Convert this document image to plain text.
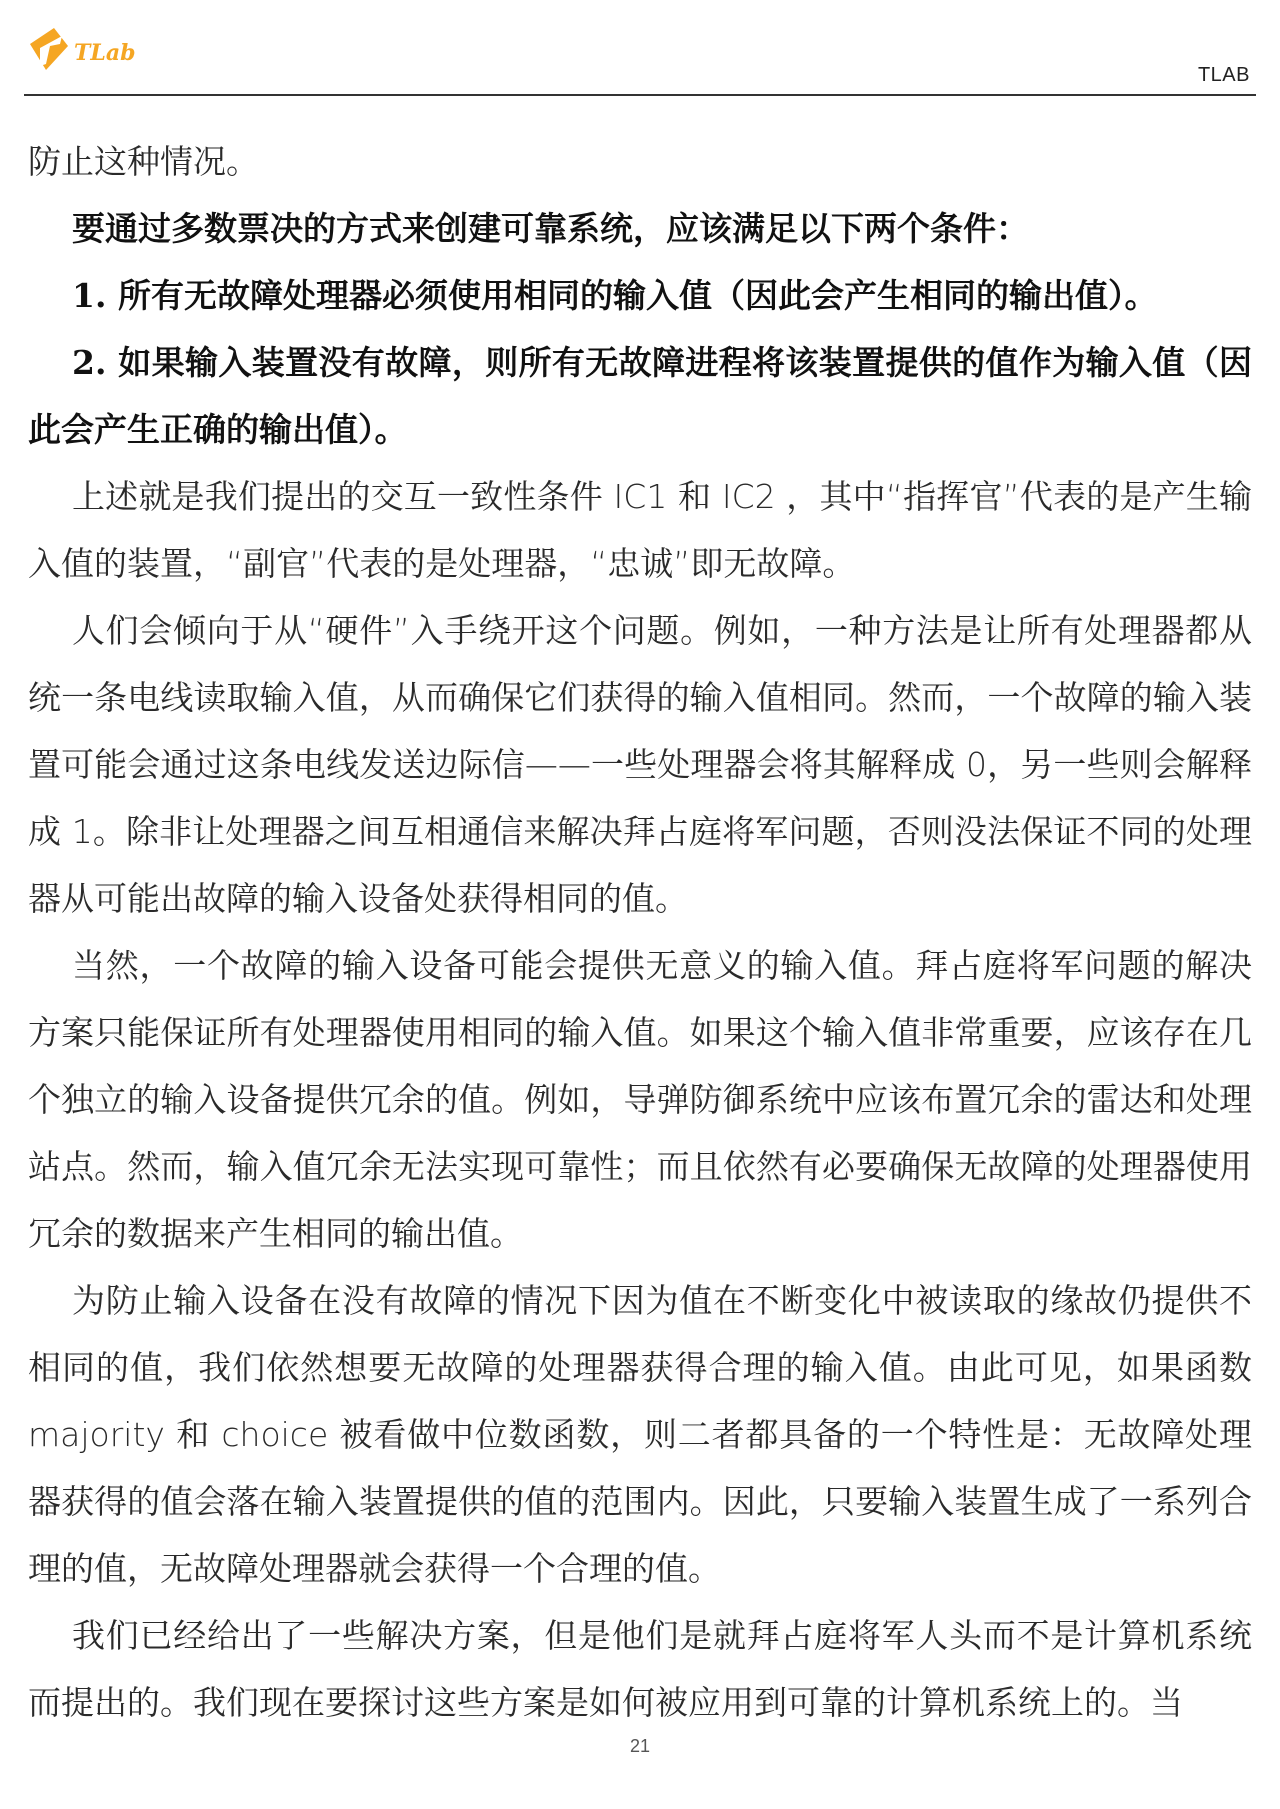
TLab
TLAB

防止这种情况。

要通过多数票决的方式来创建可靠系统，应该满足以下两个条件：

1. 所有无故障处理器必须使用相同的输入值（因此会产生相同的输出值）。

2. 如果输入装置没有故障，则所有无故障进程将该装置提供的值作为输入值（因此会产生正确的输出值）。

上述就是我们提出的交互一致性条件 IC1 和 IC2 ，其中“指挥官”代表的是产生输入值的装置，“副官”代表的是处理器，“忠诚”即无故障。

人们会倾向于从“硬件”入手绕开这个问题。例如，一种方法是让所有处理器都从统一条电线读取输入值，从而确保它们获得的输入值相同。然而，一个故障的输入装置可能会通过这条电线发送边际信——一些处理器会将其解释成 0，另一些则会解释成 1。除非让处理器之间互相通信来解决拜占庭将军问题，否则没法保证不同的处理器从可能出故障的输入设备处获得相同的值。

当然，一个故障的输入设备可能会提供无意义的输入值。拜占庭将军问题的解决方案只能保证所有处理器使用相同的输入值。如果这个输入值非常重要，应该存在几个独立的输入设备提供冗余的值。例如，导弹防御系统中应该布置冗余的雷达和处理站点。然而，输入值冗余无法实现可靠性；而且依然有必要确保无故障的处理器使用冗余的数据来产生相同的输出值。

为防止输入设备在没有故障的情况下因为值在不断变化中被读取的缘故仍提供不相同的值，我们依然想要无故障的处理器获得合理的输入值。由此可见，如果函数 majority 和 choice 被看做中位数函数，则二者都具备的一个特性是：无故障处理器获得的值会落在输入装置提供的值的范围内。因此，只要输入装置生成了一系列合理的值，无故障处理器就会获得一个合理的值。

我们已经给出了一些解决方案，但是他们是就拜占庭将军人头而不是计算机系统而提出的。我们现在要探讨这些方案是如何被应用到可靠的计算机系统上的。当

21
